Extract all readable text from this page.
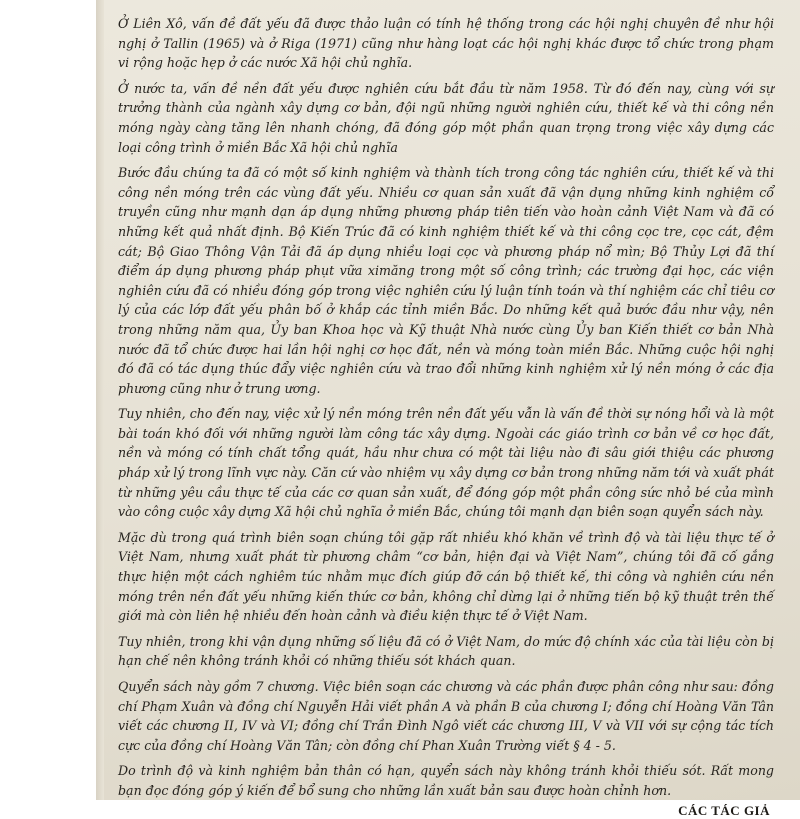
Ở Liên Xô, vấn đề đất yếu đã được thảo luận có tính hệ thống trong các hội nghị chuyên đề như hội nghị ở Tallin (1965) và ở Riga (1971) cũng như hàng loạt các hội nghị khác được tổ chức trong phạm vi rộng hoặc hẹp ở các nước Xã hội chủ nghĩa.

Ở nước ta, vấn đề nền đất yếu được nghiên cứu bắt đầu từ năm 1958. Từ đó đến nay, cùng với sự trưởng thành của ngành xây dựng cơ bản, đội ngũ những người nghiên cứu, thiết kế và thi công nền móng ngày càng tăng lên nhanh chóng, đã đóng góp một phần quan trọng trong việc xây dựng các loại công trình ở miền Bắc Xã hội chủ nghĩa

Bước đầu chúng ta đã có một số kinh nghiệm và thành tích trong công tác nghiên cứu, thiết kế và thi công nền móng trên các vùng đất yếu. Nhiều cơ quan sản xuất đã vận dụng những kinh nghiệm cổ truyền cũng như mạnh dạn áp dụng những phương pháp tiên tiến vào hoàn cảnh Việt Nam và đã có những kết quả nhất định. Bộ Kiến Trúc đã có kinh nghiệm thiết kế và thi công cọc tre, cọc cát, đệm cát; Bộ Giao Thông Vận Tải đã áp dụng nhiều loại cọc và phương pháp nổ mìn; Bộ Thủy Lợi đã thí điểm áp dụng phương pháp phụt vữa ximăng trong một số công trình; các trường đại học, các viện nghiên cứu đã có nhiều đóng góp trong việc nghiên cứu lý luận tính toán và thí nghiệm các chỉ tiêu cơ lý của các lớp đất yếu phân bố ở khắp các tỉnh miền Bắc. Do những kết quả bước đầu như vậy, nên trong những năm qua, Ủy ban Khoa học và Kỹ thuật Nhà nước cùng Ủy ban Kiến thiết cơ bản Nhà nước đã tổ chức được hai lần hội nghị cơ học đất, nền và móng toàn miền Bắc. Những cuộc hội nghị đó đã có tác dụng thúc đẩy việc nghiên cứu và trao đổi những kinh nghiệm xử lý nền móng ở các địa phương cũng như ở trung ương.

Tuy nhiên, cho đến nay, việc xử lý nền móng trên nền đất yếu vẫn là vấn đề thời sự nóng hổi và là một bài toán khó đối với những người làm công tác xây dựng. Ngoài các giáo trình cơ bản về cơ học đất, nền và móng có tính chất tổng quát, hầu như chưa có một tài liệu nào đi sâu giới thiệu các phương pháp xử lý trong lĩnh vực này. Căn cứ vào nhiệm vụ xây dựng cơ bản trong những năm tới và xuất phát từ những yêu cầu thực tế của các cơ quan sản xuất, để đóng góp một phần công sức nhỏ bé của mình vào công cuộc xây dựng Xã hội chủ nghĩa ở miền Bắc, chúng tôi mạnh dạn biên soạn quyển sách này.

Mặc dù trong quá trình biên soạn chúng tôi gặp rất nhiều khó khăn về trình độ và tài liệu thực tế ở Việt Nam, nhưng xuất phát từ phương châm “cơ bản, hiện đại và Việt Nam”, chúng tôi đã cố gắng thực hiện một cách nghiêm túc nhằm mục đích giúp đỡ cán bộ thiết kế, thi công và nghiên cứu nền móng trên nền đất yếu những kiến thức cơ bản, không chỉ dừng lại ở những tiến bộ kỹ thuật trên thế giới mà còn liên hệ nhiều đến hoàn cảnh và điều kiện thực tế ở Việt Nam.

Tuy nhiên, trong khi vận dụng những số liệu đã có ở Việt Nam, do mức độ chính xác của tài liệu còn bị hạn chế nên không tránh khỏi có những thiếu sót khách quan.

Quyển sách này gồm 7 chương. Việc biên soạn các chương và các phần được phân công như sau: đồng chí Phạm Xuân và đồng chí Nguyễn Hải viết phần A và phần B của chương I; đồng chí Hoàng Văn Tân viết các chương II, IV và VI; đồng chí Trần Đình Ngô viết các chương III, V và VII với sự cộng tác tích cực của đồng chí Hoàng Văn Tân; còn đồng chí Phan Xuân Trường viết § 4 - 5.

Do trình độ và kinh nghiệm bản thân có hạn, quyển sách này không tránh khỏi thiếu sót. Rất mong bạn đọc đóng góp ý kiến để bổ sung cho những lần xuất bản sau được hoàn chỉnh hơn.

CÁC TÁC GIẢ
